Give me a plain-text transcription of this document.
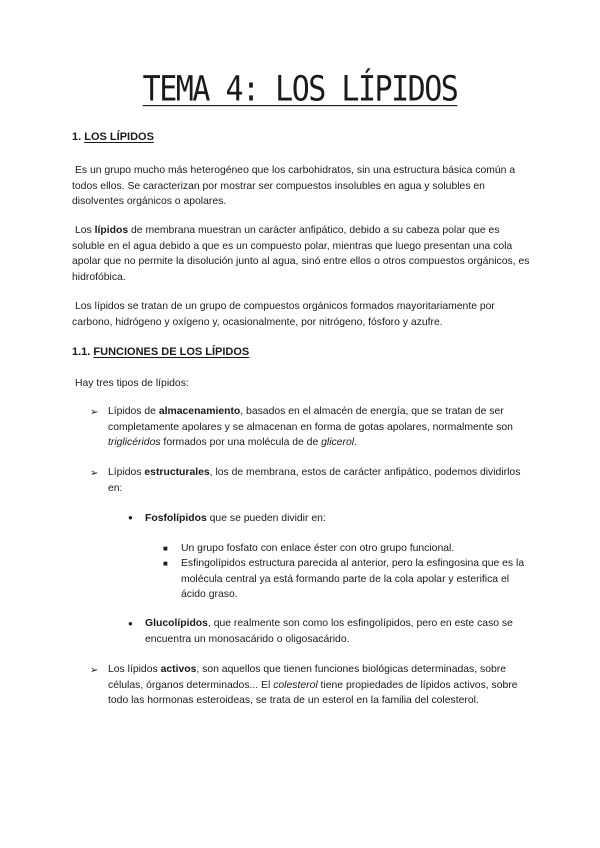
TEMA 4: LOS LÍPIDOS
1. LOS LÍPIDOS
Es un grupo mucho más heterogéneo que los carbohidratos, sin una estructura básica común a todos ellos. Se caracterizan por mostrar ser compuestos insolubles en agua y solubles en disolventes orgánicos o apolares.
Los lípidos de membrana muestran un carácter anfipático, debido a su cabeza polar que es soluble en el agua debido a que es un compuesto polar, mientras que luego presentan una cola apolar que no permite la disolución junto al agua, sinó entre ellos o otros compuestos orgánicos, es hidrofóbica.
Los lípidos se tratan de un grupo de compuestos orgánicos formados mayoritariamente por carbono, hidrógeno y oxígeno y, ocasionalmente, por nitrógeno, fósforo y azufre.
1.1. FUNCIONES DE LOS LÍPIDOS
Hay tres tipos de lípidos:
➢ Lípidos de almacenamiento, basados en el almacén de energía, que se tratan de ser completamente apolares y se almacenan en forma de gotas apolares, normalmente son triglicéridos formados por una molécula de de glicerol.
➢ Lípidos estructurales, los de membrana, estos de carácter anfipático, podemos dividirlos en:
● Fosfolípidos que se pueden dividir en:
■ Un grupo fosfato con enlace éster con otro grupo funcional.
■ Esfingolípidos estructura parecida al anterior, pero la esfingosina que es la molécula central ya está formando parte de la cola apolar y esterifica el ácido graso.
● Glucolípidos, que realmente son como los esfingolípidos, pero en este caso se encuentra un monosacárido o oligosacárido.
➢ Los lípidos activos, son aquellos que tienen funciones biológicas determinadas, sobre células, órganos determinados... El colesterol tiene propiedades de lípidos activos, sobre todo las hormonas esteroideas, se trata de un esterol en la familia del colesterol.
